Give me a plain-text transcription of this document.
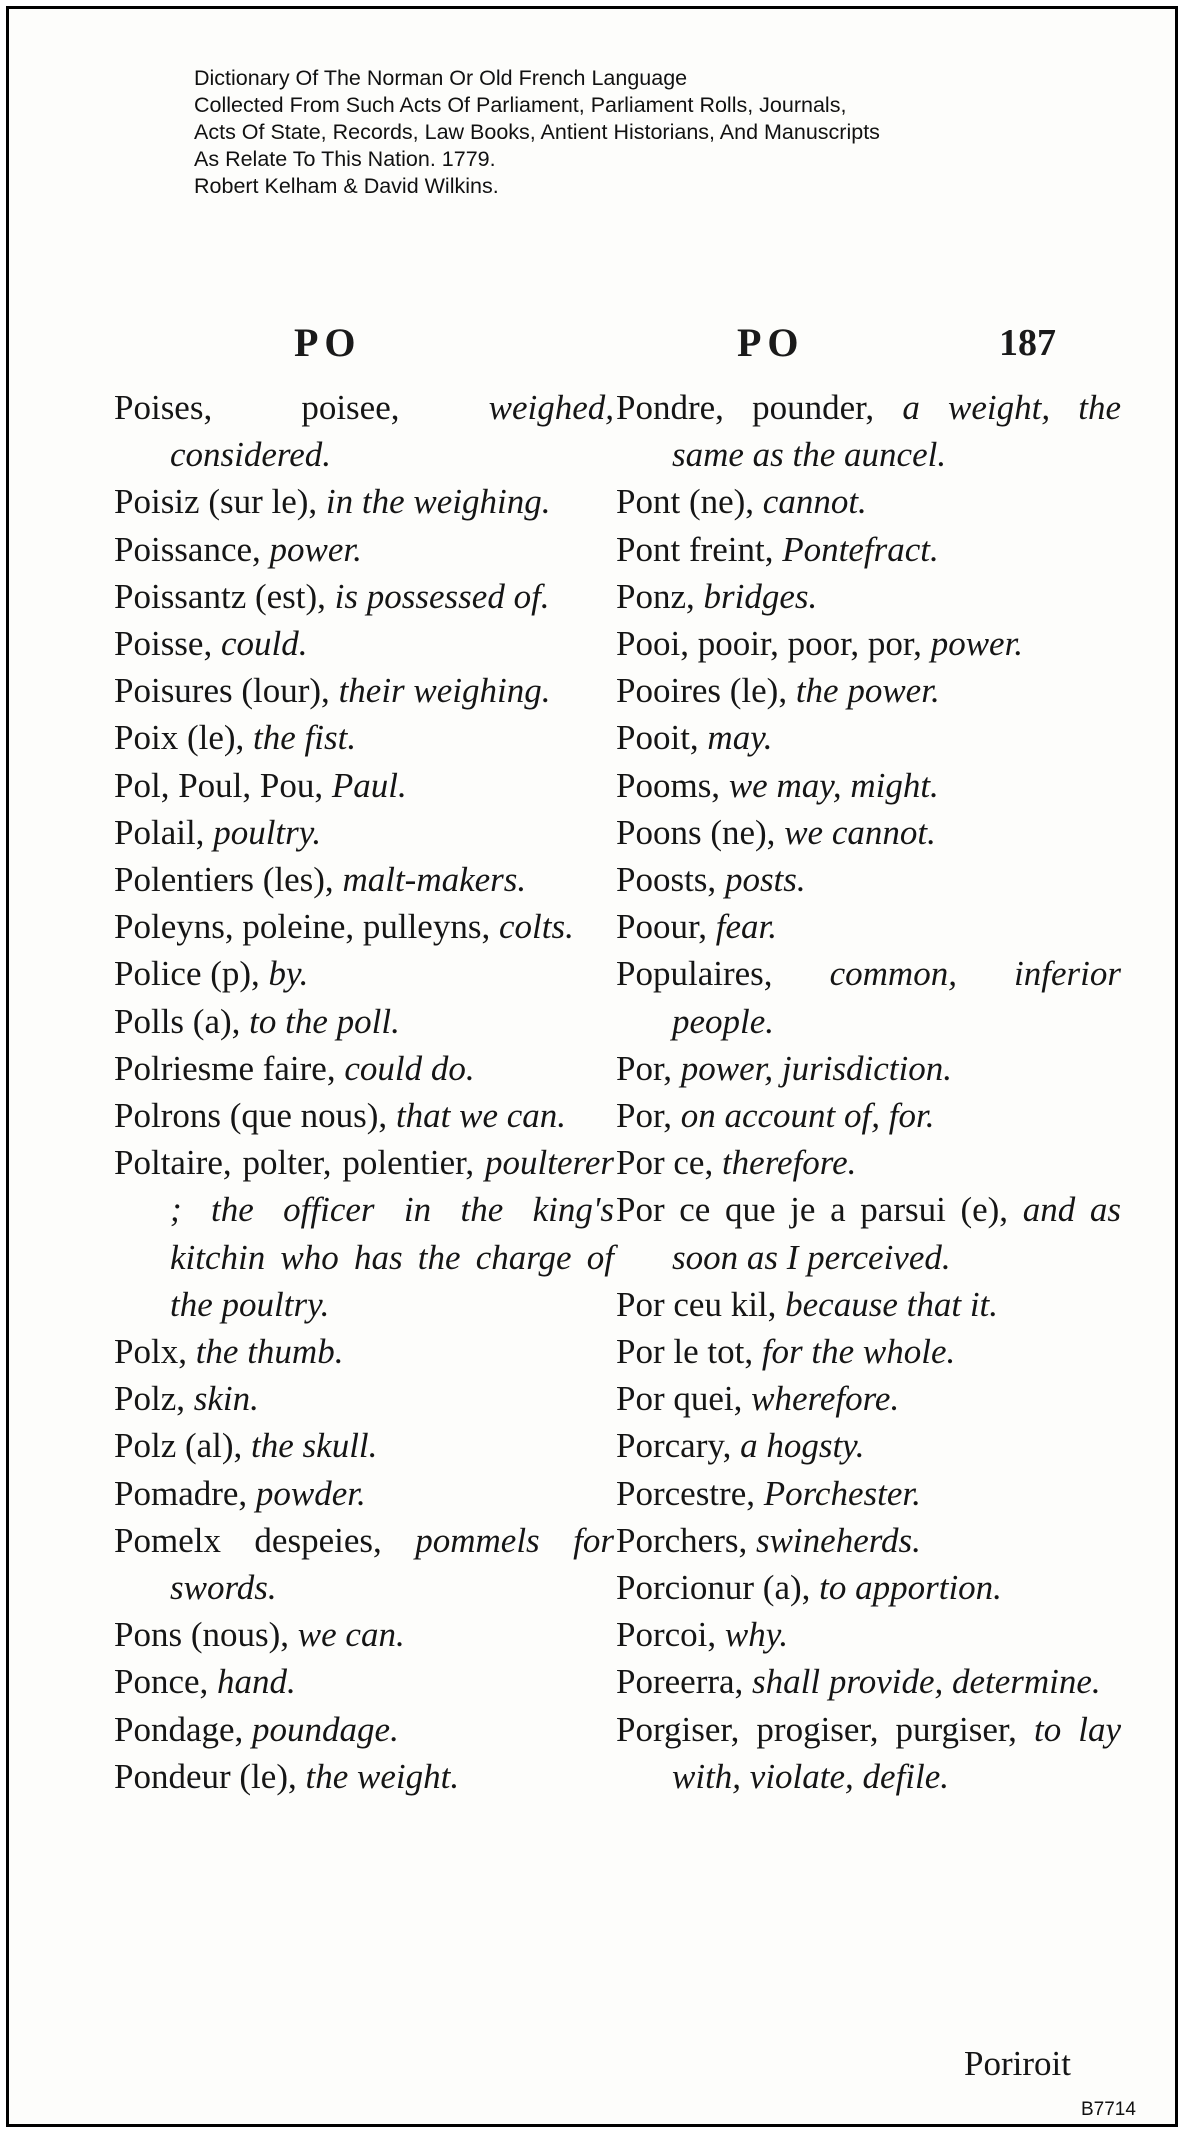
Dictionary Of The Norman Or Old French Language
Collected From Such Acts Of Parliament, Parliament Rolls, Journals,
Acts Of State, Records, Law Books, Antient Historians, And Manuscripts
As Relate To This Nation. 1779.
Robert Kelham & David Wilkins.
PO	PO	187

Poises, poisee,	weighed, considered.

Poisiz (sur le), in the weighing.

Poissance, power.

Poissantz (est), is possessed of.

Poisse, could.

Poisures (lour), their weighing.

Poix (le), the fist.

Pol, Poul, Pou, Paul.

Polail, poultry.

Polentiers (les), malt-makers.

Poleyns, poleine, pulleyns, colts.

Police (p), by.

Polls (a), to the poll.

Polriesme faire, could do.

Polrons (que nous), that we can.

Poltaire, polter, polentier, poulterer ; the officer in the king's kitchin who has the charge of the poultry.

Polx, the thumb.

Polz, skin.

Polz (al), the skull.

Pomadre, powder.

Pomelx despeies, pommels for swords.

Pons (nous), we can.

Ponce, hand.

Pondage, poundage.

Pondeur (le), the weight.

Pondre, pounder, a weight, the same as the auncel.

Pont (ne), cannot.

Pont freint, Pontefract.

Ponz, bridges.

Pooi, pooir, poor, por, power.

Pooires (le), the power.

Pooit, may.

Pooms, we may, might.

Poons (ne), we cannot.

Poosts, posts.

Poour, fear.

Populaires, common, inferior people.

Por, power, jurisdiction.

Por, on account of, for.

Por ce, therefore.

Por ce que je a parsui (e), and as soon as I perceived.

Por ceu kil, because that it.

Por le tot, for the whole.

Por quei, wherefore.

Porcary, a hogsty.

Porcestre, Porchester.

Porchers, swineherds.

Porcionur (a), to apportion.

Porcoi, why.

Poreerra, shall provide, determine.

Porgiser, progiser, purgiser, to lay with, violate, defile.

Poriroit
B7714
